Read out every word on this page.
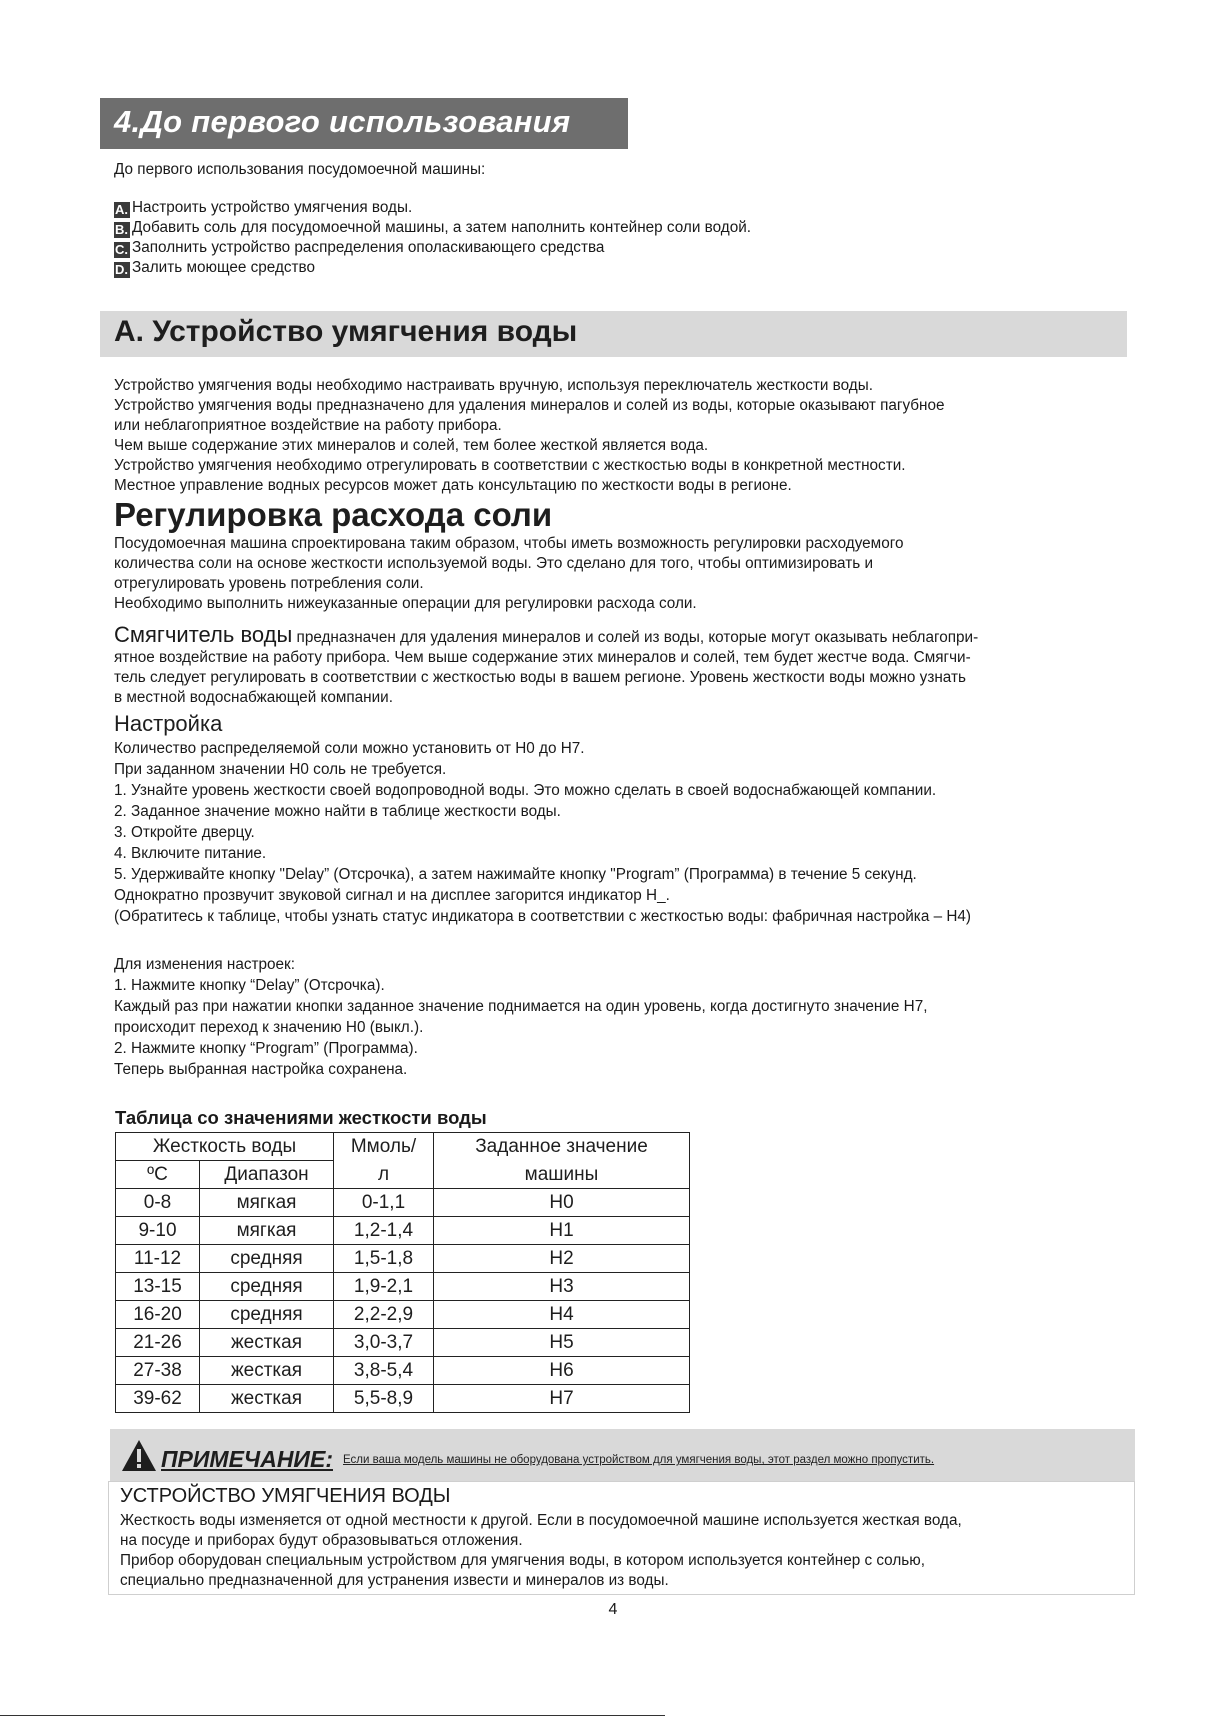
4.До первого использования
До первого использования посудомоечной машины:
A. Настроить устройство умягчения воды.
B. Добавить соль для посудомоечной машины, а затем наполнить контейнер соли водой.
C. Заполнить устройство распределения ополаскивающего средства
D. Залить моющее средство
A. Устройство умягчения воды
Устройство умягчения воды необходимо настраивать вручную, используя переключатель жесткости воды.
Устройство умягчения воды предназначено для удаления минералов и солей из воды, которые оказывают пагубное
или неблагоприятное воздействие на работу прибора.
Чем выше содержание этих минералов и солей, тем более жесткой является вода.
Устройство умягчения необходимо отрегулировать в соответствии с жесткостью воды в конкретной местности.
Местное управление водных ресурсов может дать консультацию по жесткости воды в регионе.
Регулировка расхода соли
Посудомоечная машина спроектирована таким образом, чтобы иметь возможность регулировки расходуемого
количества соли на основе жесткости используемой воды. Это сделано для того, чтобы оптимизировать и
отрегулировать уровень потребления соли.
Необходимо выполнить нижеуказанные операции для регулировки расхода соли.
Смягчитель воды предназначен для удаления минералов и солей из воды, которые могут оказывать неблагопри-
ятное воздействие на работу прибора. Чем выше содержание этих минералов и солей, тем будет жестче вода. Смягчи-
тель следует регулировать в соответствии с жесткостью воды в вашем регионе. Уровень жесткости воды можно узнать
в местной водоснабжающей компании.
Настройка
Количество распределяемой соли можно установить от H0 до H7.
При заданном значении H0 соль не требуется.
1. Узнайте уровень жесткости своей водопроводной воды. Это можно сделать в своей водоснабжающей компании.
2. Заданное значение можно найти в таблице жесткости воды.
3. Откройте дверцу.
4. Включите питание.
5. Удерживайте кнопку "Delay” (Отсрочка), а затем нажимайте кнопку "Program” (Программа) в течение 5 секунд.
Однократно прозвучит звуковой сигнал и на дисплее загорится индикатор H_.
(Обратитесь к таблице, чтобы узнать статус индикатора в соответствии с жесткостью воды: фабричная настройка – H4)
Для изменения настроек:
1. Нажмите кнопку “Delay” (Отсрочка).
Каждый раз при нажатии кнопки заданное значение поднимается на один уровень, когда достигнуто значение H7,
происходит переход к значению H0 (выкл.).
2. Нажмите кнопку “Program” (Программа).
Теперь выбранная настройка сохранена.
Таблица со значениями жесткости воды
Жесткость воды		Ммоль/	Заданное значение
ºC	Диапазон	л	машины
0-8	мягкая	0-1,1	H0
9-10	мягкая	1,2-1,4	H1
11-12	средняя	1,5-1,8	H2
13-15	средняя	1,9-2,1	H3
16-20	средняя	2,2-2,9	H4
21-26	жесткая	3,0-3,7	H5
27-38	жесткая	3,8-5,4	H6
39-62	жесткая	5,5-8,9	H7
ПРИМЕЧАНИЕ: Если ваша модель машины не оборудована устройством для умягчения воды, этот раздел можно пропустить.
УСТРОЙСТВО УМЯГЧЕНИЯ ВОДЫ
Жесткость воды изменяется от одной местности к другой. Если в посудомоечной машине используется жесткая вода,
на посуде и приборах будут образовываться отложения.
Прибор оборудован специальным устройством для умягчения воды, в котором используется контейнер с солью,
специально предназначенной для устранения извести и минералов из воды.
4
